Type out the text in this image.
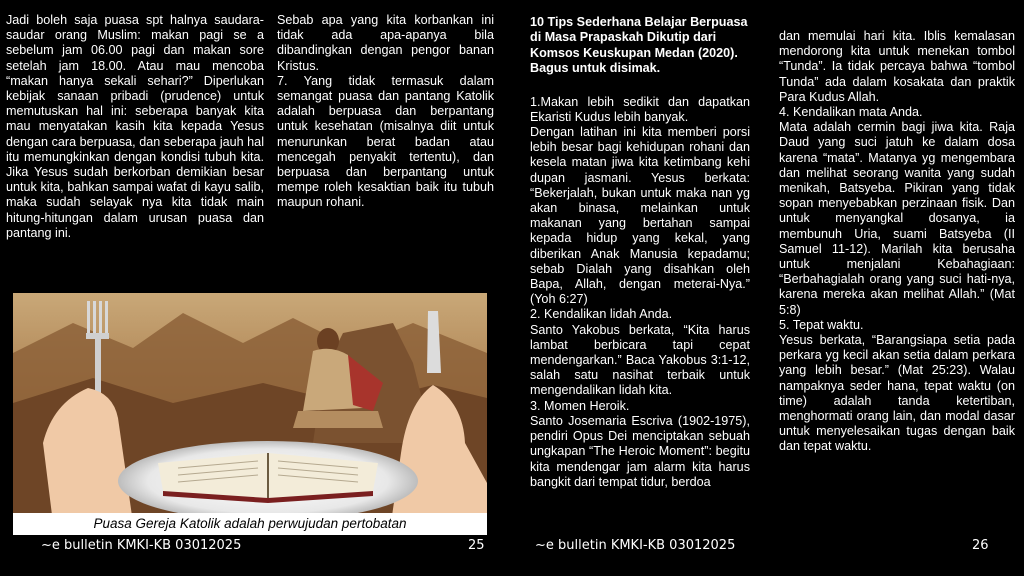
Jadi boleh saja puasa spt halnya saudara-saudar orang Muslim: makan pagi se a sebelum jam 06.00 pagi dan makan sore setelah jam 18.00. Atau mau mencoba “makan hanya sekali sehari?” Diperlukan kebijak sanaan pribadi (prudence) untuk memutuskan hal ini: seberapa banyak kita mau menyatakan kasih kita kepada Yesus dengan cara berpuasa, dan seberapa jauh hal itu memungkinkan dengan kondisi tubuh kita. Jika Yesus sudah berkorban demikian besar untuk kita, bahkan sampai wafat di kayu salib, maka sudah selayak nya kita tidak main hitung-hitungan dalam urusan puasa dan pantang ini.

Sebab apa yang kita korbankan ini tidak ada apa-apanya bila dibandingkan dengan pengor banan Kristus.

7. Yang tidak termasuk dalam semangat puasa dan pantang Katolik adalah berpuasa dan berpantang untuk kesehatan (misalnya diit untuk menurunkan berat badan atau mencegah penyakit tertentu), dan berpuasa dan berpantang untuk mempe roleh kesaktian baik itu tubuh maupun rohani.

Puasa Gereja Katolik adalah perwujudan pertobatan

10 Tips Sederhana Belajar Berpuasa di Masa Prapaskah Dikutip dari Komsos Keuskupan Medan (2020). Bagus untuk disimak.

1.Makan lebih sedikit dan dapatkan Ekaristi Kudus lebih banyak.

Dengan latihan ini kita memberi porsi lebih besar bagi kehidupan rohani dan kesela matan jiwa kita ketimbang kehi dupan jasmani. Yesus berkata: “Bekerjalah, bukan untuk maka nan yg akan binasa, melainkan untuk makanan yang bertahan sampai kepada hidup yang kekal, yang diberikan Anak Manusia kepadamu; sebab Dialah yang disahkan oleh Bapa, Allah, dengan meterai-Nya.” (Yoh 6:27)

2. Kendalikan lidah Anda.

Santo Yakobus berkata, “Kita harus lambat berbicara tapi cepat mendengarkan.” Baca Yakobus 3:1-12, salah satu nasihat terbaik untuk mengendalikan lidah kita.

3. Momen Heroik.

Santo Josemaria Escriva (1902-1975), pendiri Opus Dei menciptakan sebuah ungkapan “The Heroic Moment”: begitu kita mendengar jam alarm kita harus bangkit dari tempat tidur, berdoa

dan memulai hari kita. Iblis kemalasan mendorong kita untuk menekan tombol “Tunda”. Ia tidak percaya bahwa “tombol Tunda” ada dalam kosakata dan praktik Para Kudus Allah.

4. Kendalikan mata Anda.

Mata adalah cermin bagi jiwa kita. Raja Daud yang suci jatuh ke dalam dosa karena “mata”. Matanya yg mengembara dan melihat seorang wanita yang sudah menikah, Batsyeba. Pikiran yang tidak sopan menyebabkan perzinaan fisik. Dan untuk menyangkal dosanya, ia membunuh Uria, suami Batsyeba (II Samuel 11-12). Marilah kita berusaha untuk menjalani Kebahagiaan: “Berbahagialah orang yang suci hati-nya, karena mereka akan melihat Allah.” (Mat 5:8)

5. Tepat waktu.

Yesus berkata, “Barangsiapa setia pada perkara yg kecil akan setia dalam perkara yang lebih besar.” (Mat 25:23). Walau nampaknya seder hana, tepat waktu (on time) adalah tanda ketertiban, menghormati orang lain, dan modal dasar untuk menyelesaikan tugas dengan baik dan tepat waktu.

~e bulletin KMKI-KB 03012025	25	~e bulletin KMKI-KB 03012025	26
